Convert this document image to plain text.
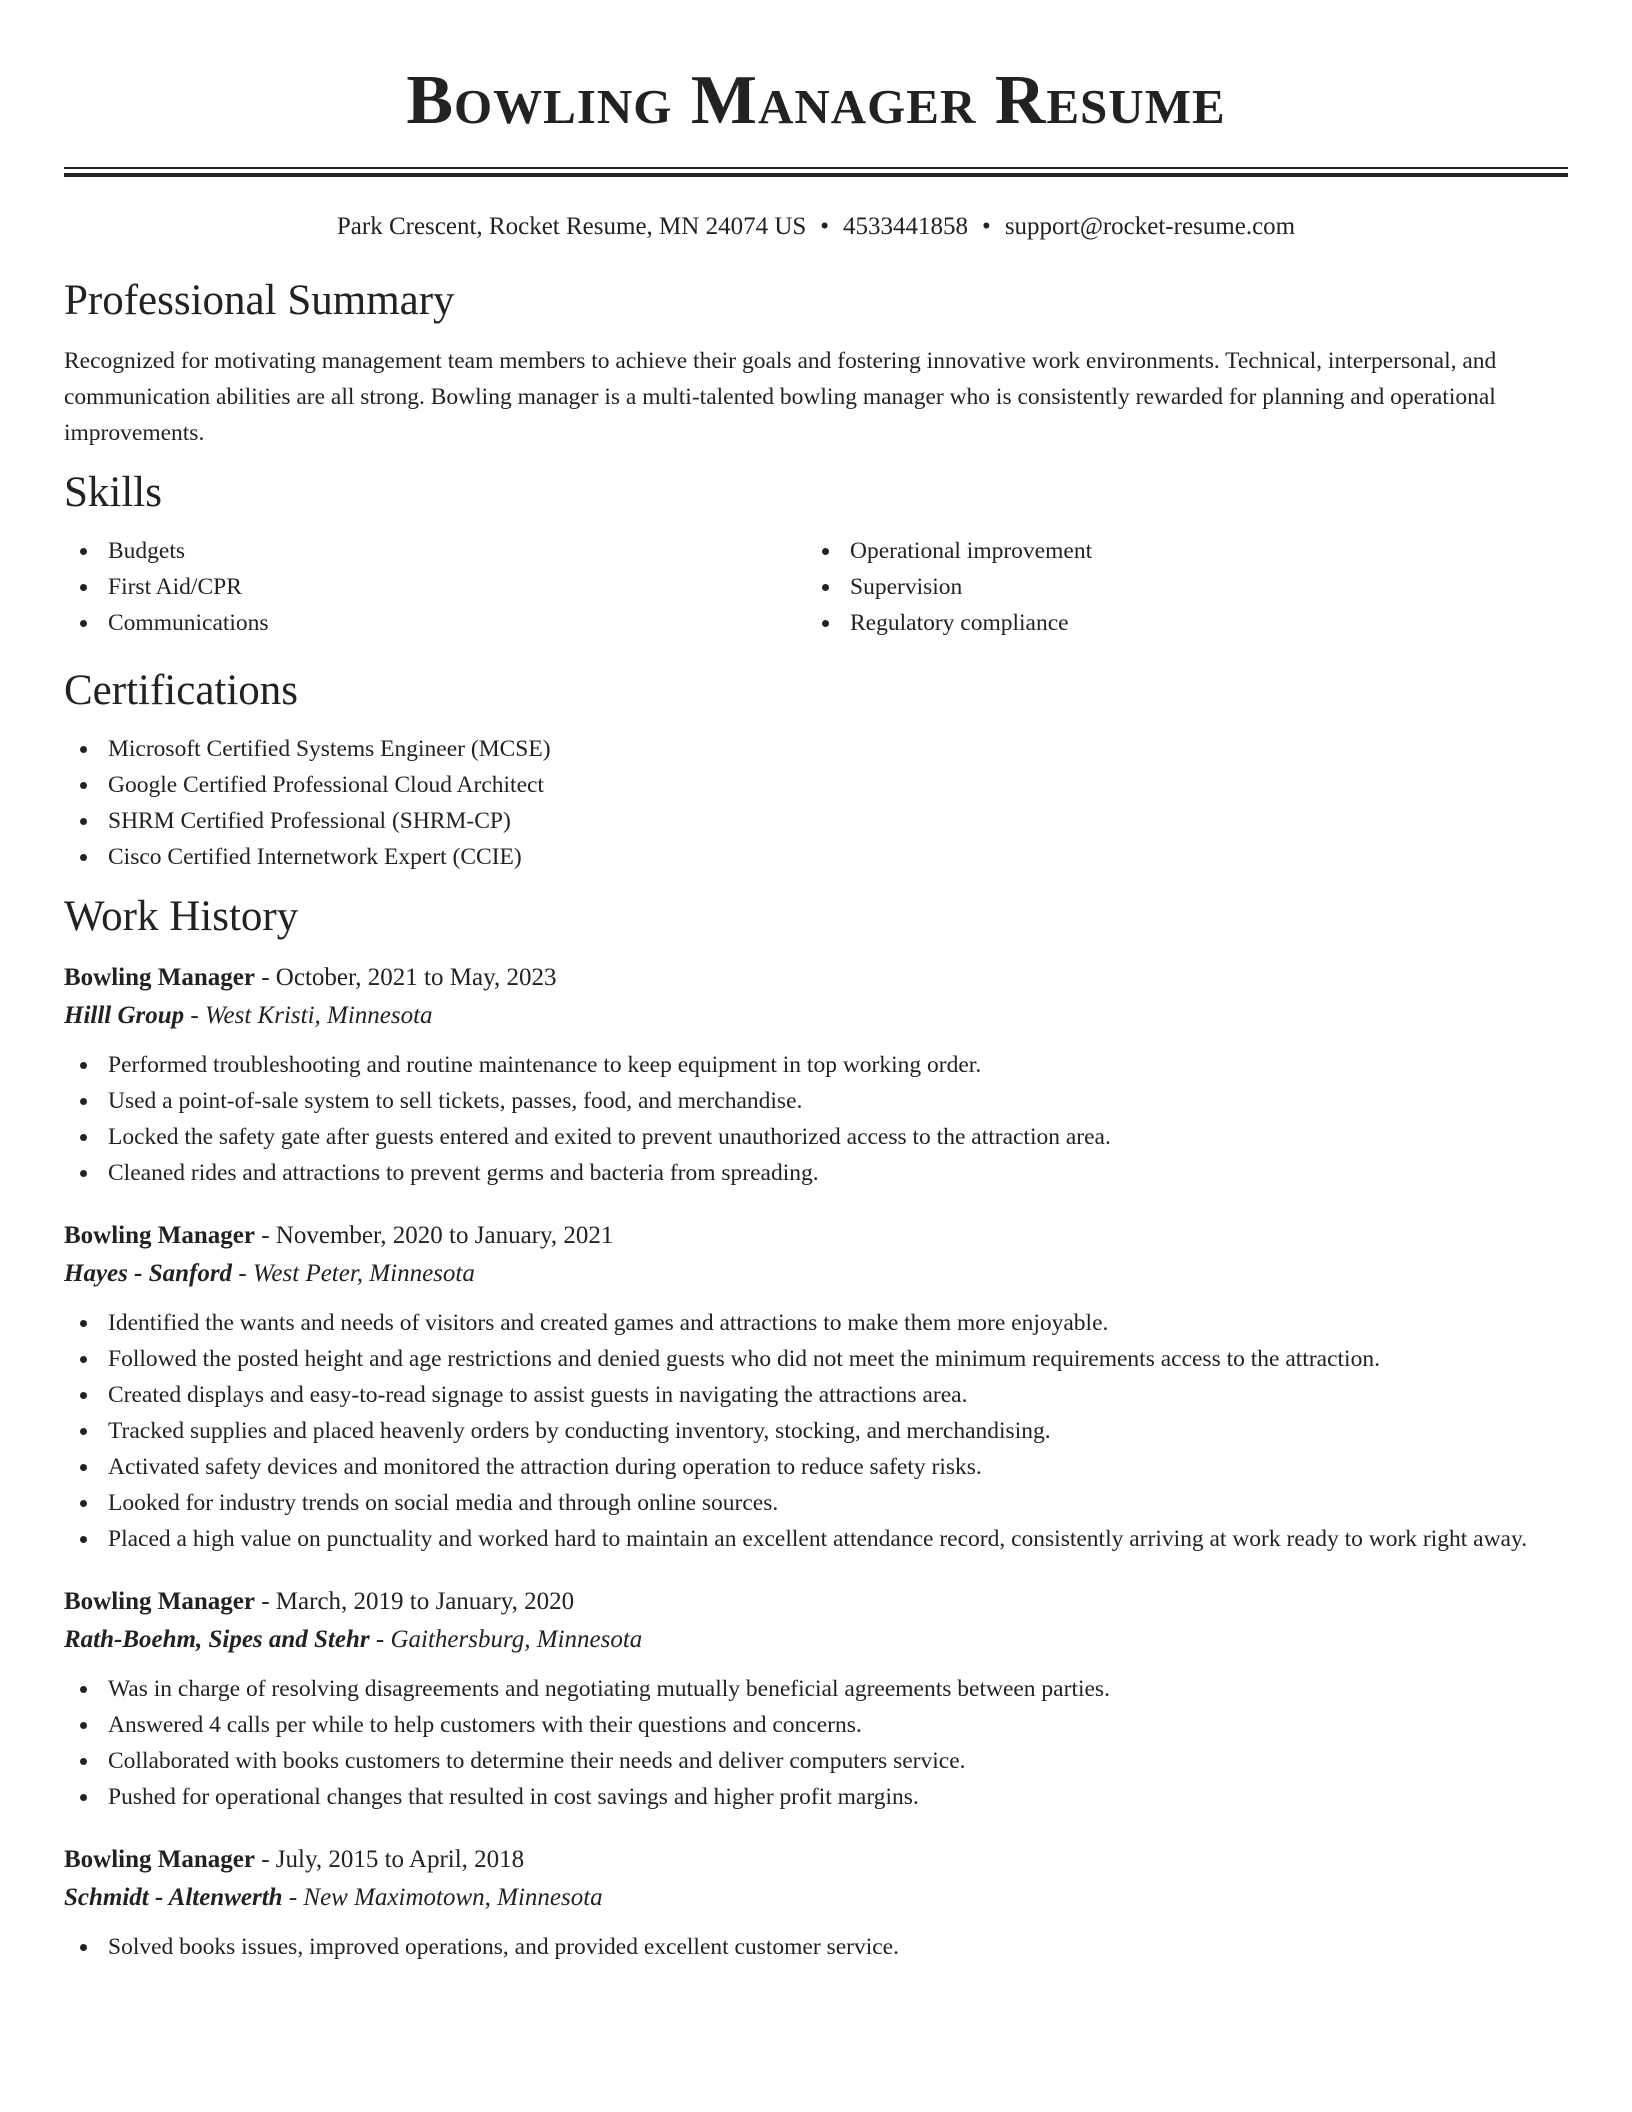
Bowling Manager Resume
Park Crescent, Rocket Resume, MN 24074 US • 4533441858 • support@rocket-resume.com
Professional Summary
Recognized for motivating management team members to achieve their goals and fostering innovative work environments. Technical, interpersonal, and communication abilities are all strong. Bowling manager is a multi-talented bowling manager who is consistently rewarded for planning and operational improvements.
Skills
Budgets
First Aid/CPR
Communications
Operational improvement
Supervision
Regulatory compliance
Certifications
Microsoft Certified Systems Engineer (MCSE)
Google Certified Professional Cloud Architect
SHRM Certified Professional (SHRM-CP)
Cisco Certified Internetwork Expert (CCIE)
Work History
Bowling Manager - October, 2021 to May, 2023
Hilll Group - West Kristi, Minnesota
Performed troubleshooting and routine maintenance to keep equipment in top working order.
Used a point-of-sale system to sell tickets, passes, food, and merchandise.
Locked the safety gate after guests entered and exited to prevent unauthorized access to the attraction area.
Cleaned rides and attractions to prevent germs and bacteria from spreading.
Bowling Manager - November, 2020 to January, 2021
Hayes - Sanford - West Peter, Minnesota
Identified the wants and needs of visitors and created games and attractions to make them more enjoyable.
Followed the posted height and age restrictions and denied guests who did not meet the minimum requirements access to the attraction.
Created displays and easy-to-read signage to assist guests in navigating the attractions area.
Tracked supplies and placed heavenly orders by conducting inventory, stocking, and merchandising.
Activated safety devices and monitored the attraction during operation to reduce safety risks.
Looked for industry trends on social media and through online sources.
Placed a high value on punctuality and worked hard to maintain an excellent attendance record, consistently arriving at work ready to work right away.
Bowling Manager - March, 2019 to January, 2020
Rath-Boehm, Sipes and Stehr - Gaithersburg, Minnesota
Was in charge of resolving disagreements and negotiating mutually beneficial agreements between parties.
Answered 4 calls per while to help customers with their questions and concerns.
Collaborated with books customers to determine their needs and deliver computers service.
Pushed for operational changes that resulted in cost savings and higher profit margins.
Bowling Manager - July, 2015 to April, 2018
Schmidt - Altenwerth - New Maximotown, Minnesota
Solved books issues, improved operations, and provided excellent customer service.
